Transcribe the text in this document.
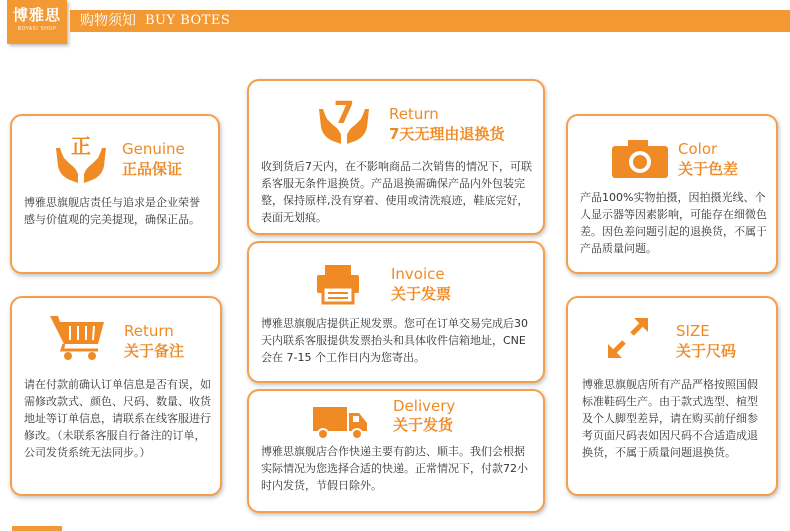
博雅思
BOYASI SHOP	购物须知 BUY BOTES
正 Genuine
正品保证
博雅思旗舰店责任与追求是企业荣誉感与价值观的完美提现，确保正品。
7 Return
7天无理由退换货
收到货后7天内，在不影响商品二次销售的情况下，可联系客服无条件退换货。产品退换需确保产品内外包装完整，保持原样,没有穿着、使用或清洗痕迹，鞋底完好，表面无划痕。
Color
关于色差
产品100%实物拍摄，因拍摄光线、个人显示器等因素影响，可能存在细微色差。因色差问题引起的退换货，不属于产品质量问题。
Return
关于备注
请在付款前确认订单信息是否有误，如需修改款式、颜色、尺码、数量、收货地址等订单信息，请联系在线客服进行修改。（未联系客服自行备注的订单，公司发货系统无法同步。）
Invoice
关于发票
博雅思旗舰店提供正规发票。您可在订单交易完成后30 天内联系客服提供发票抬头和具体收件信箱地址，CNE 会在 7-15 个工作日内为您寄出。
SIZE
关于尺码
博雅思旗舰店所有产品严格按照国假标准鞋码生产。由于款式选型、楦型及个人脚型差异，请在购买前仔细参考页面尺码表如因尺码不合适造成退换货，不属于质量问题退换货。
Delivery
关于发货
博雅思旗舰店合作快递主要有韵达、顺丰。我们会根据实际情况为您选择合适的快递。正常情况下，付款72小时内发货，节假日除外。
